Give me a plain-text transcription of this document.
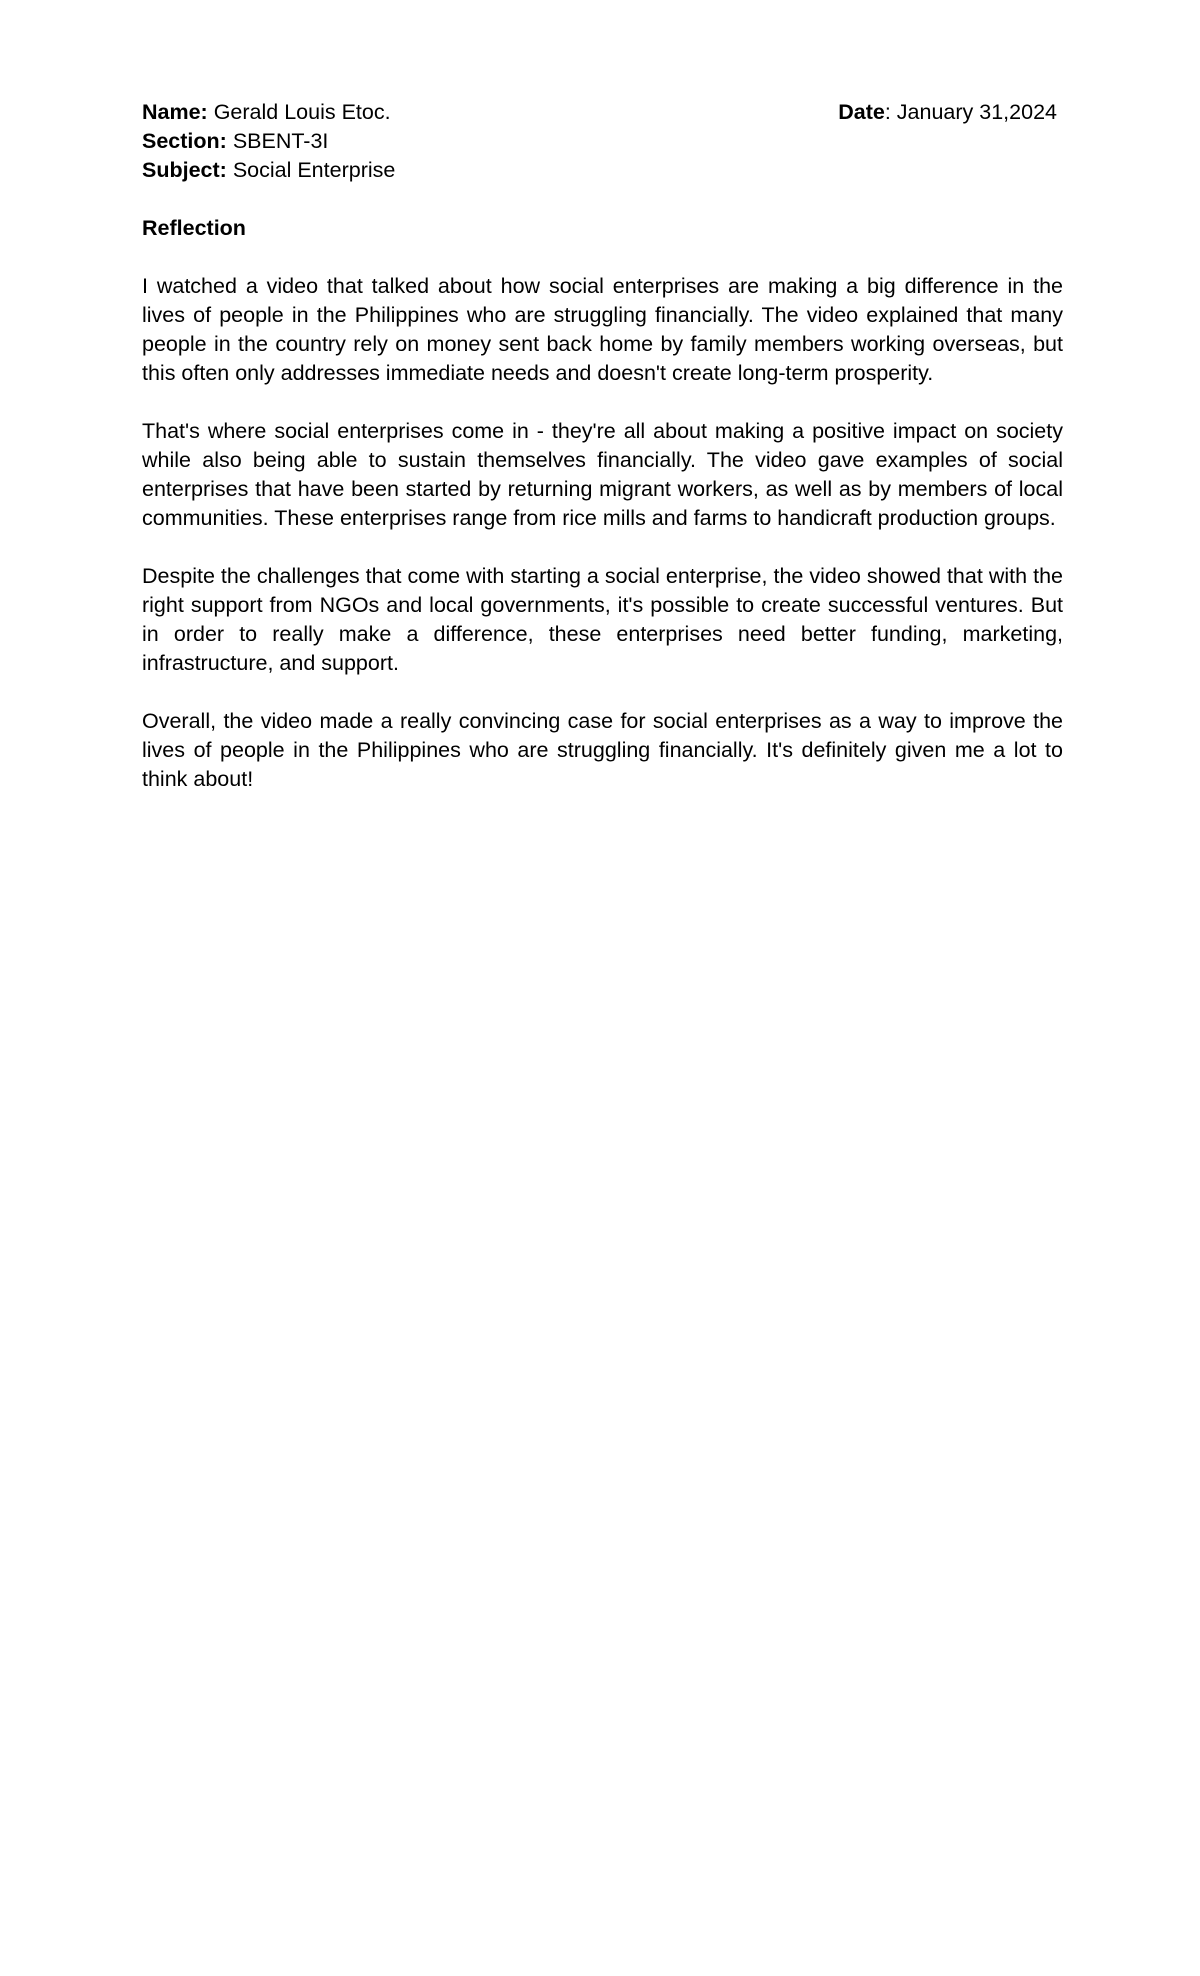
Name: Gerald Louis Etoc.	Date: January 31,2024
Section: SBENT-3I
Subject: Social Enterprise
Reflection

I watched a video that talked about how social enterprises are making a big difference in the lives of people in the Philippines who are struggling financially. The video explained that many people in the country rely on money sent back home by family members working overseas, but this often only addresses immediate needs and doesn't create long-term prosperity.

That's where social enterprises come in - they're all about making a positive impact on society while also being able to sustain themselves financially. The video gave examples of social enterprises that have been started by returning migrant workers, as well as by members of local communities. These enterprises range from rice mills and farms to handicraft production groups.

Despite the challenges that come with starting a social enterprise, the video showed that with the right support from NGOs and local governments, it's possible to create successful ventures. But in order to really make a difference, these enterprises need better funding, marketing, infrastructure, and support.

Overall, the video made a really convincing case for social enterprises as a way to improve the lives of people in the Philippines who are struggling financially. It's definitely given me a lot to think about!
